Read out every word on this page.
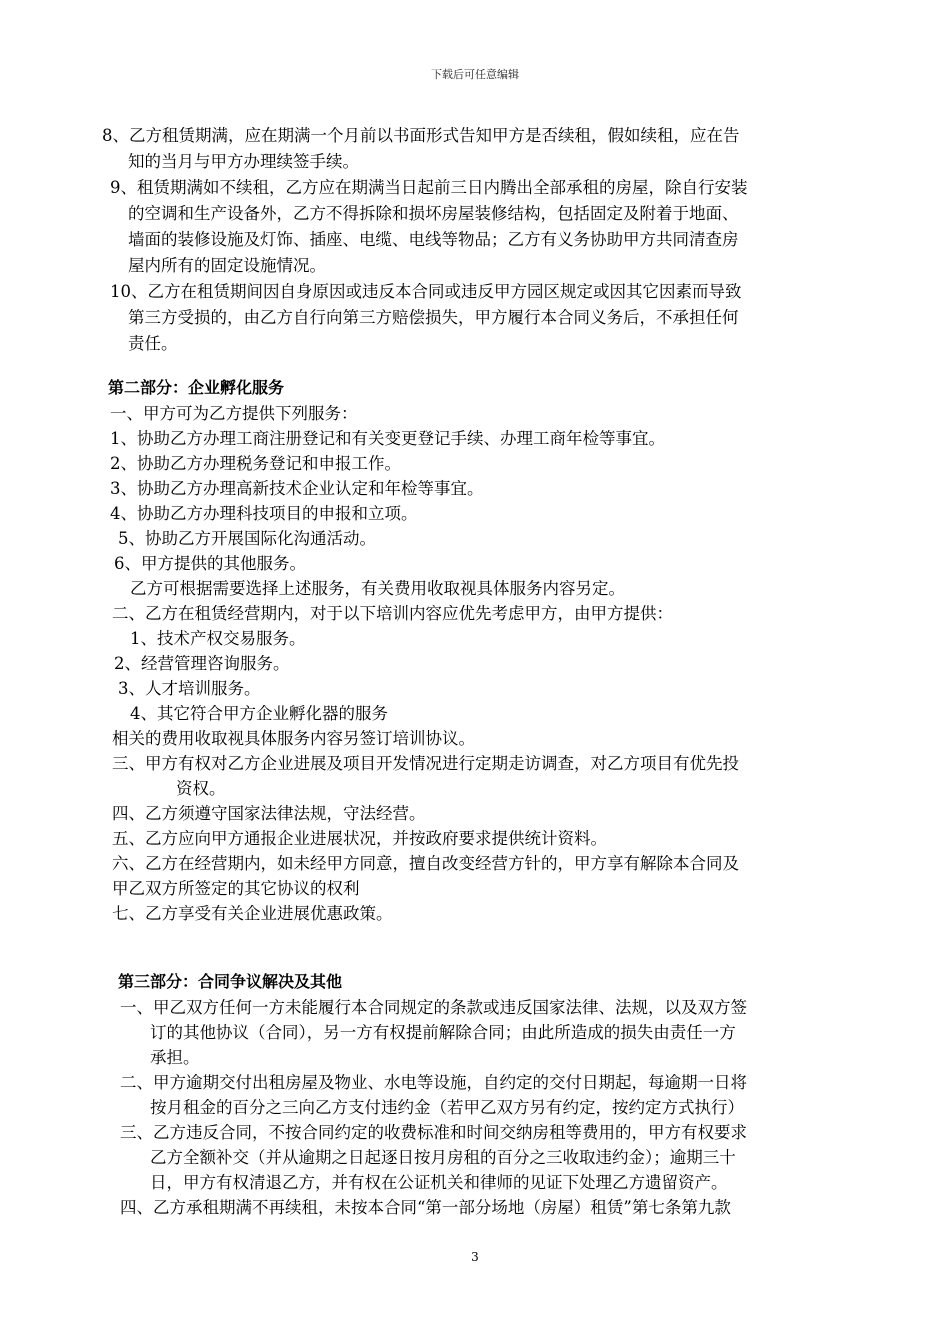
下载后可任意编辑
8、乙方租赁期满，应在期满一个月前以书面形式告知甲方是否续租，假如续租，应在告
知的当月与甲方办理续签手续。
9、租赁期满如不续租，乙方应在期满当日起前三日内腾出全部承租的房屋，除自行安装
的空调和生产设备外，乙方不得拆除和损坏房屋装修结构，包括固定及附着于地面、
墙面的装修设施及灯饰、插座、电缆、电线等物品；乙方有义务协助甲方共同清查房
屋内所有的固定设施情况。
10、乙方在租赁期间因自身原因或违反本合同或违反甲方园区规定或因其它因素而导致
第三方受损的，由乙方自行向第三方赔偿损失，甲方履行本合同义务后，不承担任何
责任。
第二部分：企业孵化服务
一、甲方可为乙方提供下列服务：
1、协助乙方办理工商注册登记和有关变更登记手续、办理工商年检等事宜。
2、协助乙方办理税务登记和申报工作。
3、协助乙方办理高新技术企业认定和年检等事宜。
4、协助乙方办理科技项目的申报和立项。
5、协助乙方开展国际化沟通活动。
6、甲方提供的其他服务。
乙方可根据需要选择上述服务，有关费用收取视具体服务内容另定。
二、乙方在租赁经营期内，对于以下培训内容应优先考虑甲方，由甲方提供：
1、技术产权交易服务。
2、经营管理咨询服务。
3、人才培训服务。
4、其它符合甲方企业孵化器的服务
相关的费用收取视具体服务内容另签订培训协议。
三、甲方有权对乙方企业进展及项目开发情况进行定期走访调查，对乙方项目有优先投
资权。
四、乙方须遵守国家法律法规，守法经营。
五、乙方应向甲方通报企业进展状况，并按政府要求提供统计资料。
六、乙方在经营期内，如未经甲方同意，擅自改变经营方针的，甲方享有解除本合同及
甲乙双方所签定的其它协议的权利
七、乙方享受有关企业进展优惠政策。
第三部分：合同争议解决及其他
一、甲乙双方任何一方未能履行本合同规定的条款或违反国家法律、法规，以及双方签
订的其他协议（合同），另一方有权提前解除合同；由此所造成的损失由责任一方
承担。
二、甲方逾期交付出租房屋及物业、水电等设施，自约定的交付日期起，每逾期一日将
按月租金的百分之三向乙方支付违约金（若甲乙双方另有约定，按约定方式执行）
三、乙方违反合同，不按合同约定的收费标准和时间交纳房租等费用的，甲方有权要求
乙方全额补交（并从逾期之日起逐日按月房租的百分之三收取违约金）；逾期三十
日，甲方有权清退乙方，并有权在公证机关和律师的见证下处理乙方遗留资产。
四、乙方承租期满不再续租，未按本合同“第一部分场地（房屋）租赁”第七条第九款
3
